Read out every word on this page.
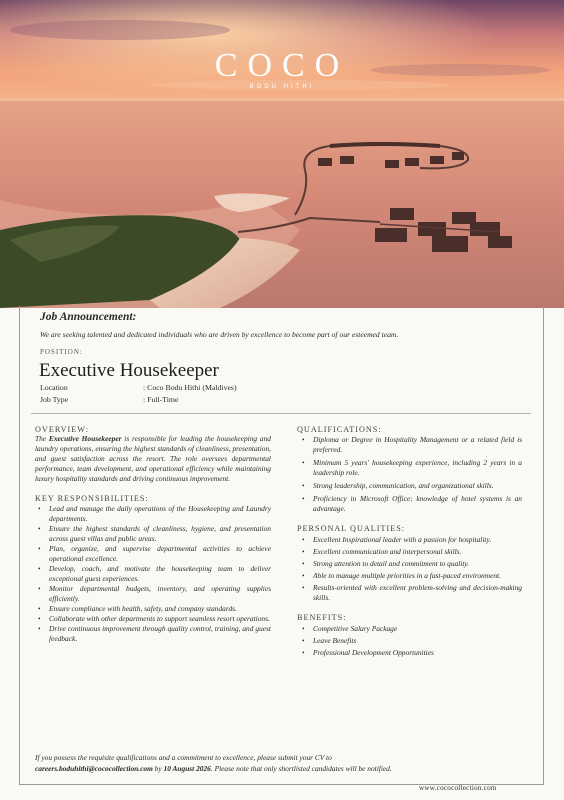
COCO
BODU HITHI
Job Announcement:
We are seeking talented and dedicated individuals who are driven by excellence to become part of our esteemed team.
POSITION:
Executive Housekeeper
Location	: Coco Bodu Hithi (Maldives)
Job Type	: Full-Time
OVERVIEW:
The Executive Housekeeper is responsible for leading the housekeeping and laundry operations, ensuring the highest standards of cleanliness, presentation, and guest satisfaction across the resort. The role oversees departmental performance, team development, and operational efficiency while maintaining luxury hospitality standards and driving continuous improvement.
KEY RESPONSIBILITIES:
• Lead and manage the daily operations of the Housekeeping and Laundry departments.
• Ensure the highest standards of cleanliness, hygiene, and presentation across guest villas and public areas.
• Plan, organize, and supervise departmental activities to achieve operational excellence.
• Develop, coach, and motivate the housekeeping team to deliver exceptional guest experiences.
• Monitor departmental budgets, inventory, and operating supplies efficiently.
• Ensure compliance with health, safety, and company standards.
• Collaborate with other departments to support seamless resort operations.
• Drive continuous improvement through quality control, training, and guest feedback.
QUALIFICATIONS:
• Diploma or Degree in Hospitality Management or a related field is preferred.
• Minimum 5 years' housekeeping experience, including 2 years in a leadership role.
• Strong leadership, communication, and organizational skills.
• Proficiency in Microsoft Office; knowledge of hotel systems is an advantage.
PERSONAL QUALITIES:
• Excellent Inspirational leader with a passion for hospitality.
• Excellent communication and interpersonal skills.
• Strong attention to detail and commitment to quality.
• Able to manage multiple priorities in a fast-paced environment.
• Results-oriented with excellent problem-solving and decision-making skills.
BENEFITS:
• Competitive Salary Package
• Leave Benefits
• Professional Development Opportunities
If you possess the requisite qualifications and a commitment to excellence, please submit your CV to
careers.boduhithi@cococollection.com by 10 August 2026. Please note that only shortlisted candidates will be notified.
www.cococollection.com
